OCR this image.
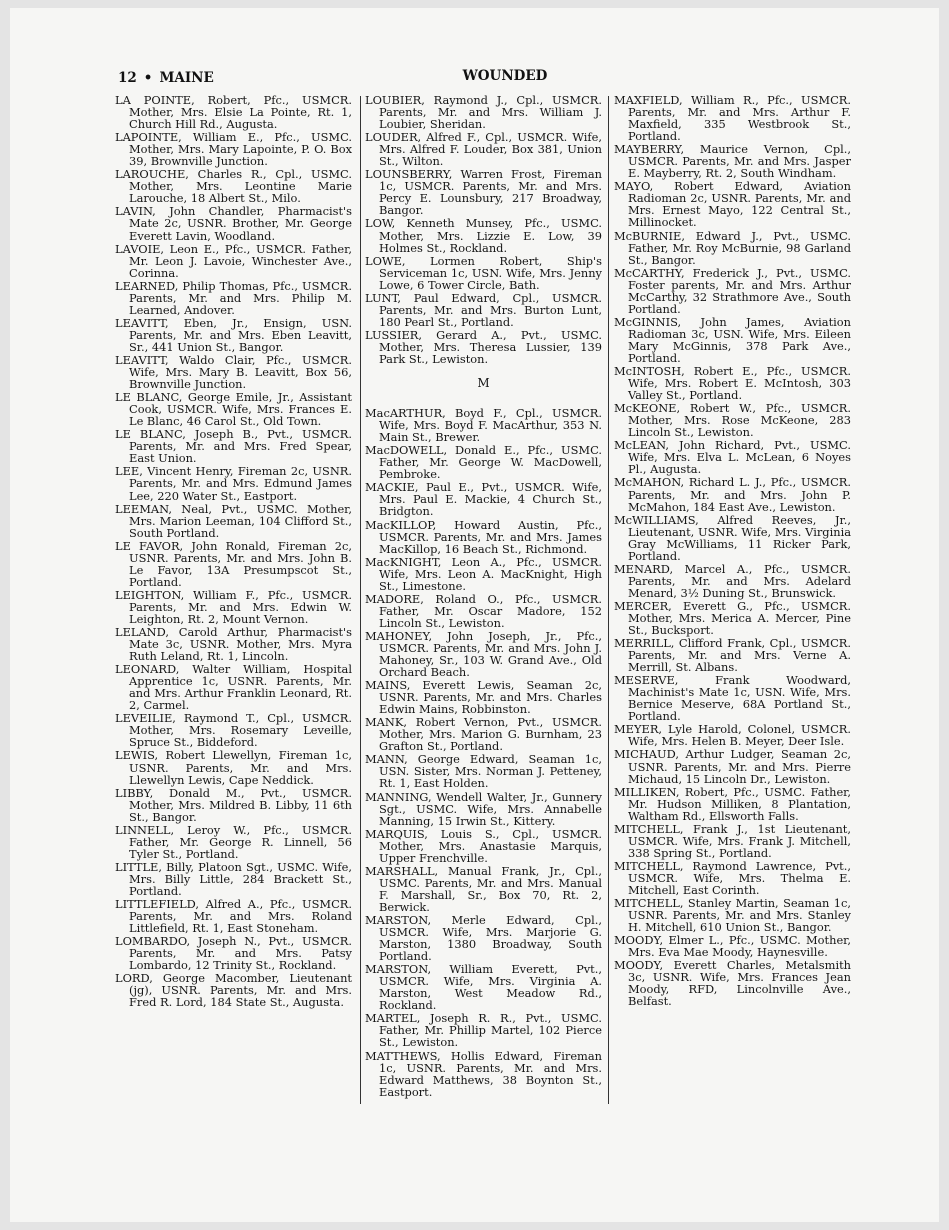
12 • MAINE	WOUNDED
LA POINTE, Robert, Pfc., USMCR. Mother, Mrs. Elsie La Pointe, Rt. 1, Church Hill Rd., Augusta.
LAPOINTE, William E., Pfc., USMC. Mother, Mrs. Mary Lapointe, P. O. Box 39, Brownville Junction.
LAROUCHE, Charles R., Cpl., USMC. Mother, Mrs. Leontine Marie Larouche, 18 Albert St., Milo.
LAVIN, John Chandler, Pharmacist's Mate 2c, USNR. Brother, Mr. George Everett Lavin, Woodland.
LAVOIE, Leon E., Pfc., USMCR. Father, Mr. Leon J. Lavoie, Winchester Ave., Corinna.
LEARNED, Philip Thomas, Pfc., USMCR. Parents, Mr. and Mrs. Philip M. Learned, Andover.
LEAVITT, Eben, Jr., Ensign, USN. Parents, Mr. and Mrs. Eben Leavitt, Sr., 441 Union St., Bangor.
LEAVITT, Waldo Clair, Pfc., USMCR. Wife, Mrs. Mary B. Leavitt, Box 56, Brownville Junction.
LE BLANC, George Emile, Jr., Assistant Cook, USMCR. Wife, Mrs. Frances E. Le Blanc, 46 Carol St., Old Town.
LE BLANC, Joseph B., Pvt., USMCR. Parents, Mr. and Mrs. Fred Spear, East Union.
LEE, Vincent Henry, Fireman 2c, USNR. Parents, Mr. and Mrs. Edmund James Lee, 220 Water St., Eastport.
LEEMAN, Neal, Pvt., USMC. Mother, Mrs. Marion Leeman, 104 Clifford St., South Portland.
LE FAVOR, John Ronald, Fireman 2c, USNR. Parents, Mr. and Mrs. John B. Le Favor, 13A Presumpscot St., Portland.
LEIGHTON, William F., Pfc., USMCR. Parents, Mr. and Mrs. Edwin W. Leighton, Rt. 2, Mount Vernon.
LELAND, Carold Arthur, Pharmacist's Mate 3c, USNR. Mother, Mrs. Myra Ruth Leland, Rt. 1, Lincoln.
LEONARD, Walter William, Hospital Apprentice 1c, USNR. Parents, Mr. and Mrs. Arthur Franklin Leonard, Rt. 2, Carmel.
LEVEILIE, Raymond T., Cpl., USMCR. Mother, Mrs. Rosemary Leveille, Spruce St., Biddeford.
LEWIS, Robert Llewellyn, Fireman 1c, USNR. Parents, Mr. and Mrs. Llewellyn Lewis, Cape Neddick.
LIBBY, Donald M., Pvt., USMCR. Mother, Mrs. Mildred B. Libby, 11 6th St., Bangor.
LINNELL, Leroy W., Pfc., USMCR. Father, Mr. George R. Linnell, 56 Tyler St., Portland.
LITTLE, Billy, Platoon Sgt., USMC. Wife, Mrs. Billy Little, 284 Brackett St., Portland.
LITTLEFIELD, Alfred A., Pfc., USMCR. Parents, Mr. and Mrs. Roland Littlefield, Rt. 1, East Stoneham.
LOMBARDO, Joseph N., Pvt., USMCR. Parents, Mr. and Mrs. Patsy Lombardo, 12 Trinity St., Rockland.
LORD, George Macomber, Lieutenant (jg), USNR. Parents, Mr. and Mrs. Fred R. Lord, 184 State St., Augusta.
LOUBIER, Raymond J., Cpl., USMCR. Parents, Mr. and Mrs. William J. Loubier, Sheridan.
LOUDER, Alfred F., Cpl., USMCR. Wife, Mrs. Alfred F. Louder, Box 381, Union St., Wilton.
LOUNSBERRY, Warren Frost, Fireman 1c, USMCR. Parents, Mr. and Mrs. Percy E. Lounsbury, 217 Broadway, Bangor.
LOW, Kenneth Munsey, Pfc., USMC. Mother, Mrs. Lizzie E. Low, 39 Holmes St., Rockland.
LOWE, Lormen Robert, Ship's Serviceman 1c, USN. Wife, Mrs. Jenny Lowe, 6 Tower Circle, Bath.
LUNT, Paul Edward, Cpl., USMCR. Parents, Mr. and Mrs. Burton Lunt, 180 Pearl St., Portland.
LUSSIER, Gerard A., Pvt., USMC. Mother, Mrs. Theresa Lussier, 139 Park St., Lewiston.
M
MacARTHUR, Boyd F., Cpl., USMCR. Wife, Mrs. Boyd F. MacArthur, 353 N. Main St., Brewer.
MacDOWELL, Donald E., Pfc., USMC. Father, Mr. George W. MacDowell, Pembroke.
MACKIE, Paul E., Pvt., USMCR. Wife, Mrs. Paul E. Mackie, 4 Church St., Bridgton.
MacKILLOP, Howard Austin, Pfc., USMCR. Parents, Mr. and Mrs. James MacKillop, 16 Beach St., Richmond.
MacKNIGHT, Leon A., Pfc., USMCR. Wife, Mrs. Leon A. MacKnight, High St., Limestone.
MADORE, Roland O., Pfc., USMCR. Father, Mr. Oscar Madore, 152 Lincoln St., Lewiston.
MAHONEY, John Joseph, Jr., Pfc., USMCR. Parents, Mr. and Mrs. John J. Mahoney, Sr., 103 W. Grand Ave., Old Orchard Beach.
MAINS, Everett Lewis, Seaman 2c, USNR. Parents, Mr. and Mrs. Charles Edwin Mains, Robbinston.
MANK, Robert Vernon, Pvt., USMCR. Mother, Mrs. Marion G. Burnham, 23 Grafton St., Portland.
MANN, George Edward, Seaman 1c, USN. Sister, Mrs. Norman J. Petteney, Rt. 1, East Holden.
MANNING, Wendell Walter, Jr., Gunnery Sgt., USMC. Wife, Mrs. Annabelle Manning, 15 Irwin St., Kittery.
MARQUIS, Louis S., Cpl., USMCR. Mother, Mrs. Anastasie Marquis, Upper Frenchville.
MARSHALL, Manual Frank, Jr., Cpl., USMC. Parents, Mr. and Mrs. Manual F. Marshall, Sr., Box 70, Rt. 2, Berwick.
MARSTON, Merle Edward, Cpl., USMCR. Wife, Mrs. Marjorie G. Marston, 1380 Broadway, South Portland.
MARSTON, William Everett, Pvt., USMCR. Wife, Mrs. Virginia A. Marston, West Meadow Rd., Rockland.
MARTEL, Joseph R. R., Pvt., USMC. Father, Mr. Phillip Martel, 102 Pierce St., Lewiston.
MATTHEWS, Hollis Edward, Fireman 1c, USNR. Parents, Mr. and Mrs. Edward Matthews, 38 Boynton St., Eastport.
MAXFIELD, William R., Pfc., USMCR. Parents, Mr. and Mrs. Arthur F. Maxfield, 335 Westbrook St., Portland.
MAYBERRY, Maurice Vernon, Cpl., USMCR. Parents, Mr. and Mrs. Jasper E. Mayberry, Rt. 2, South Windham.
MAYO, Robert Edward, Aviation Radioman 2c, USNR. Parents, Mr. and Mrs. Ernest Mayo, 122 Central St., Millinocket.
McBURNIE, Edward J., Pvt., USMC. Father, Mr. Roy McBurnie, 98 Garland St., Bangor.
McCARTHY, Frederick J., Pvt., USMC. Foster parents, Mr. and Mrs. Arthur McCarthy, 32 Strathmore Ave., South Portland.
McGINNIS, John James, Aviation Radioman 3c, USN. Wife, Mrs. Eileen Mary McGinnis, 378 Park Ave., Portland.
McINTOSH, Robert E., Pfc., USMCR. Wife, Mrs. Robert E. McIntosh, 303 Valley St., Portland.
McKEONE, Robert W., Pfc., USMCR. Mother, Mrs. Rose McKeone, 283 Lincoln St., Lewiston.
McLEAN, John Richard, Pvt., USMC. Wife, Mrs. Elva L. McLean, 6 Noyes Pl., Augusta.
McMAHON, Richard L. J., Pfc., USMCR. Parents, Mr. and Mrs. John P. McMahon, 184 East Ave., Lewiston.
McWILLIAMS, Alfred Reeves, Jr., Lieutenant, USNR. Wife, Mrs. Virginia Gray McWilliams, 11 Ricker Park, Portland.
MENARD, Marcel A., Pfc., USMCR. Parents, Mr. and Mrs. Adelard Menard, 3½ Duning St., Brunswick.
MERCER, Everett G., Pfc., USMCR. Mother, Mrs. Merica A. Mercer, Pine St., Bucksport.
MERRILL, Clifford Frank, Cpl., USMCR. Parents, Mr. and Mrs. Verne A. Merrill, St. Albans.
MESERVE, Frank Woodward, Machinist's Mate 1c, USN. Wife, Mrs. Bernice Meserve, 68A Portland St., Portland.
MEYER, Lyle Harold, Colonel, USMCR. Wife, Mrs. Helen B. Meyer, Deer Isle.
MICHAUD, Arthur Ludger, Seaman 2c, USNR. Parents, Mr. and Mrs. Pierre Michaud, 15 Lincoln Dr., Lewiston.
MILLIKEN, Robert, Pfc., USMC. Father, Mr. Hudson Milliken, 8 Plantation, Waltham Rd., Ellsworth Falls.
MITCHELL, Frank J., 1st Lieutenant, USMCR. Wife, Mrs. Frank J. Mitchell, 338 Spring St., Portland.
MITCHELL, Raymond Lawrence, Pvt., USMCR. Wife, Mrs. Thelma E. Mitchell, East Corinth.
MITCHELL, Stanley Martin, Seaman 1c, USNR. Parents, Mr. and Mrs. Stanley H. Mitchell, 610 Union St., Bangor.
MOODY, Elmer L., Pfc., USMC. Mother, Mrs. Eva Mae Moody, Haynesville.
MOODY, Everett Charles, Metalsmith 3c, USNR. Wife, Mrs. Frances Jean Moody, RFD, Lincolnville Ave., Belfast.
